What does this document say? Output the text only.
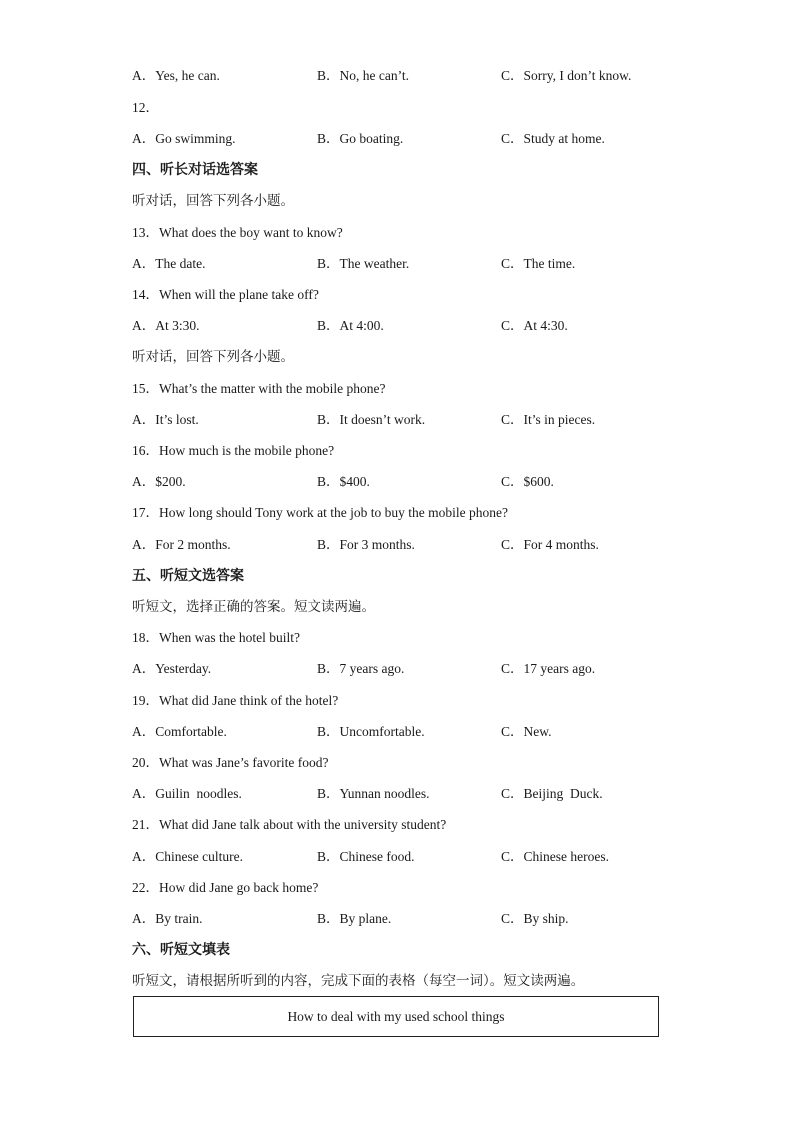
A．Yes, he can.	B．No, he can’t.	C．Sorry, I don’t know.
12．
A．Go swimming.	B．Go boating.	C．Study at home.
四、听长对话选答案
听对话，回答下列各小题。
13．What does the boy want to know?
A．The date.	B．The weather.	C．The time.
14．When will the plane take off?
A．At 3:30.	B．At 4:00.	C．At 4:30.
听对话，回答下列各小题。
15．What’s the matter with the mobile phone?
A．It’s lost.	B．It doesn’t work.	C．It’s in pieces.
16．How much is the mobile phone?
A．$200.	B．$400.	C．$600.
17．How long should Tony work at the job to buy the mobile phone?
A．For 2 months.	B．For 3 months.	C．For 4 months.
五、听短文选答案
听短文，选择正确的答案。短文读两遍。
18．When was the hotel built?
A．Yesterday.	B．7 years ago.	C．17 years ago.
19．What did Jane think of the hotel?
A．Comfortable.	B．Uncomfortable.	C．New.
20．What was Jane’s favorite food?
A．Guilin  noodles.	B．Yunnan noodles.	C．Beijing  Duck.
21．What did Jane talk about with the university student?
A．Chinese culture.	B．Chinese food.	C．Chinese heroes.
22．How did Jane go back home?
A．By train.	B．By plane.	C．By ship.
六、听短文填表
听短文，请根据所听到的内容，完成下面的表格（每空一词）。短文读两遍。
How to deal with my used school things
